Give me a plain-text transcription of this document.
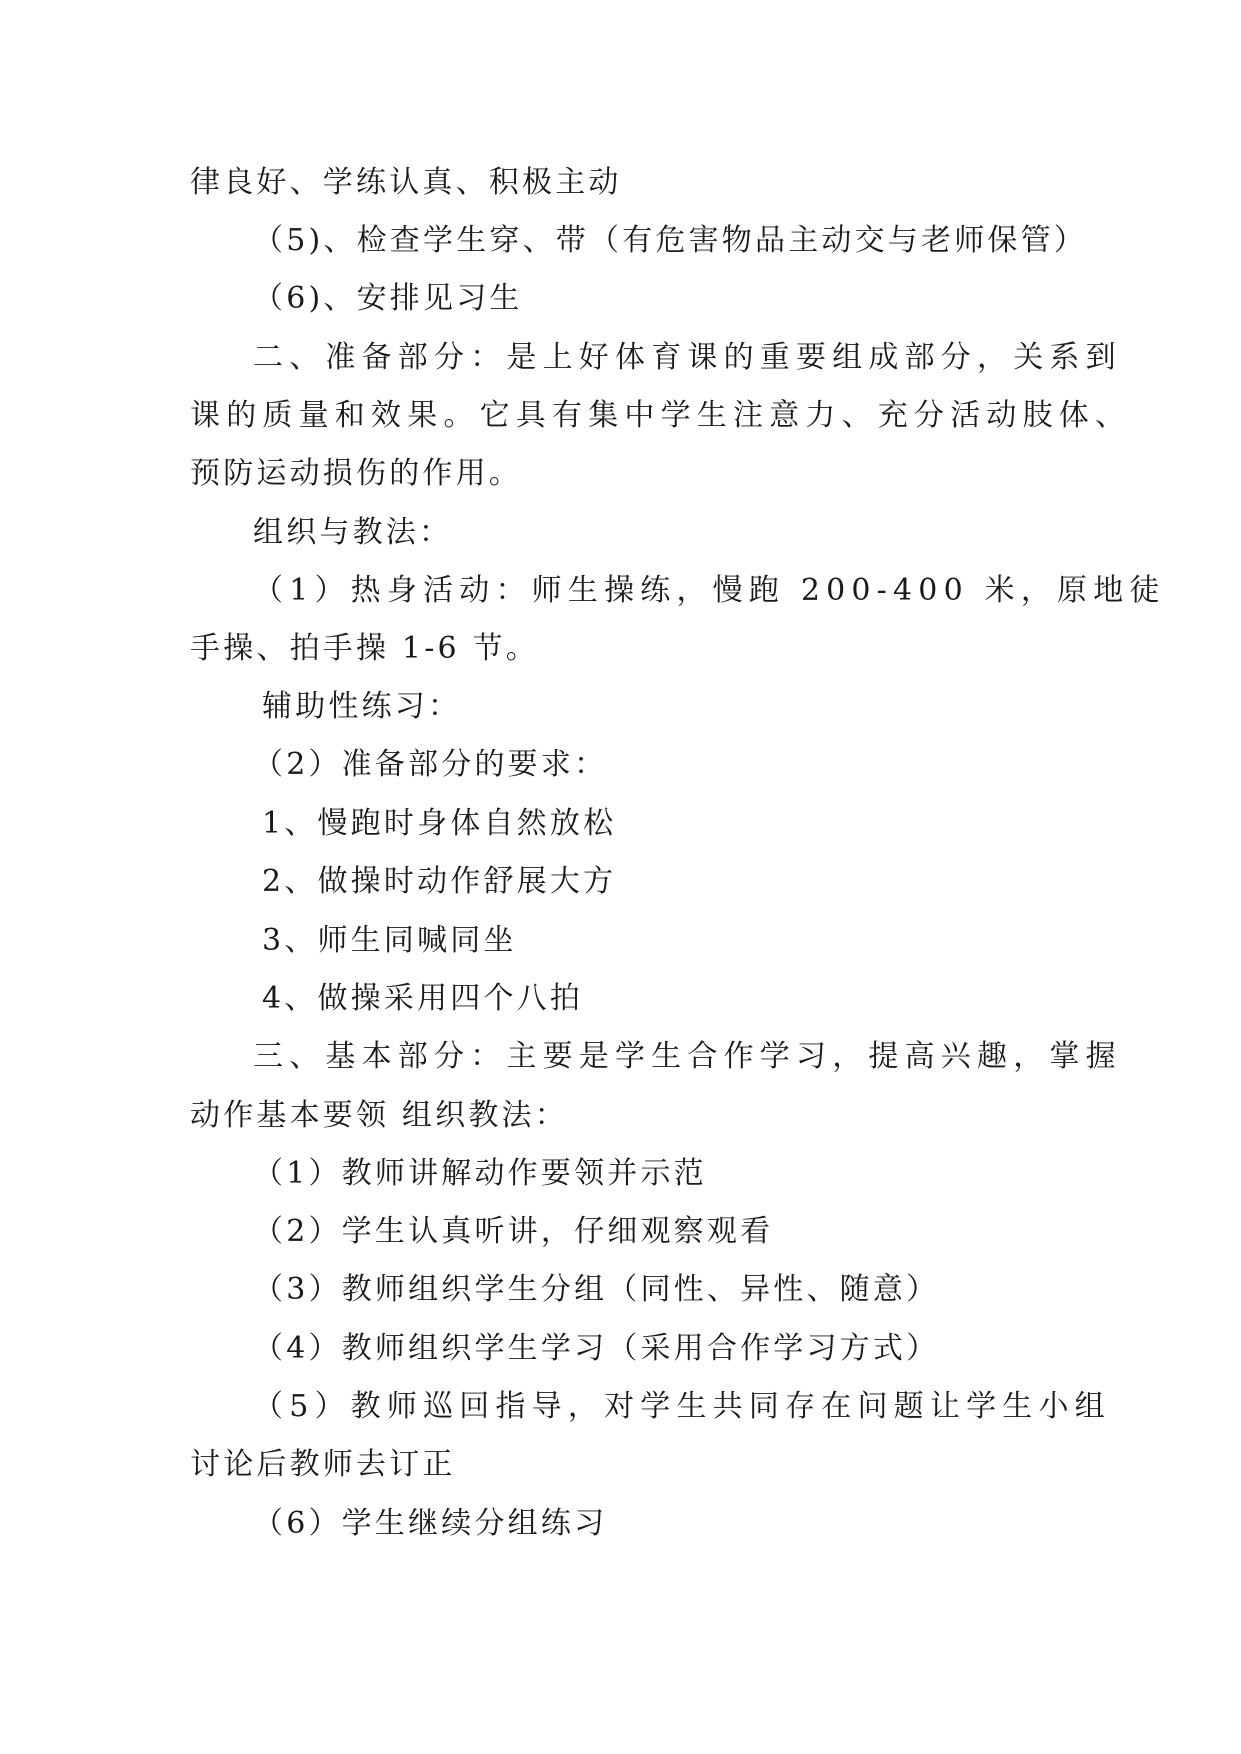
律良好、学练认真、积极主动
（5)、检查学生穿、带（有危害物品主动交与老师保管）
（6)、安排见习生
二、准备部分：是上好体育课的重要组成部分，关系到
课的质量和效果。它具有集中学生注意力、充分活动肢体、
预防运动损伤的作用。
组织与教法：
（1）热身活动：师生操练，慢跑 200-400 米，原地徒
手操、拍手操 1-6 节。
辅助性练习：
（2）准备部分的要求：
1、慢跑时身体自然放松
2、做操时动作舒展大方
3、师生同喊同坐
4、做操采用四个八拍
三、基本部分：主要是学生合作学习，提高兴趣，掌握
动作基本要领 组织教法：
（1）教师讲解动作要领并示范
（2）学生认真听讲，仔细观察观看
（3）教师组织学生分组（同性、异性、随意）
（4）教师组织学生学习（采用合作学习方式）
（5）教师巡回指导，对学生共同存在问题让学生小组
讨论后教师去订正
（6）学生继续分组练习
